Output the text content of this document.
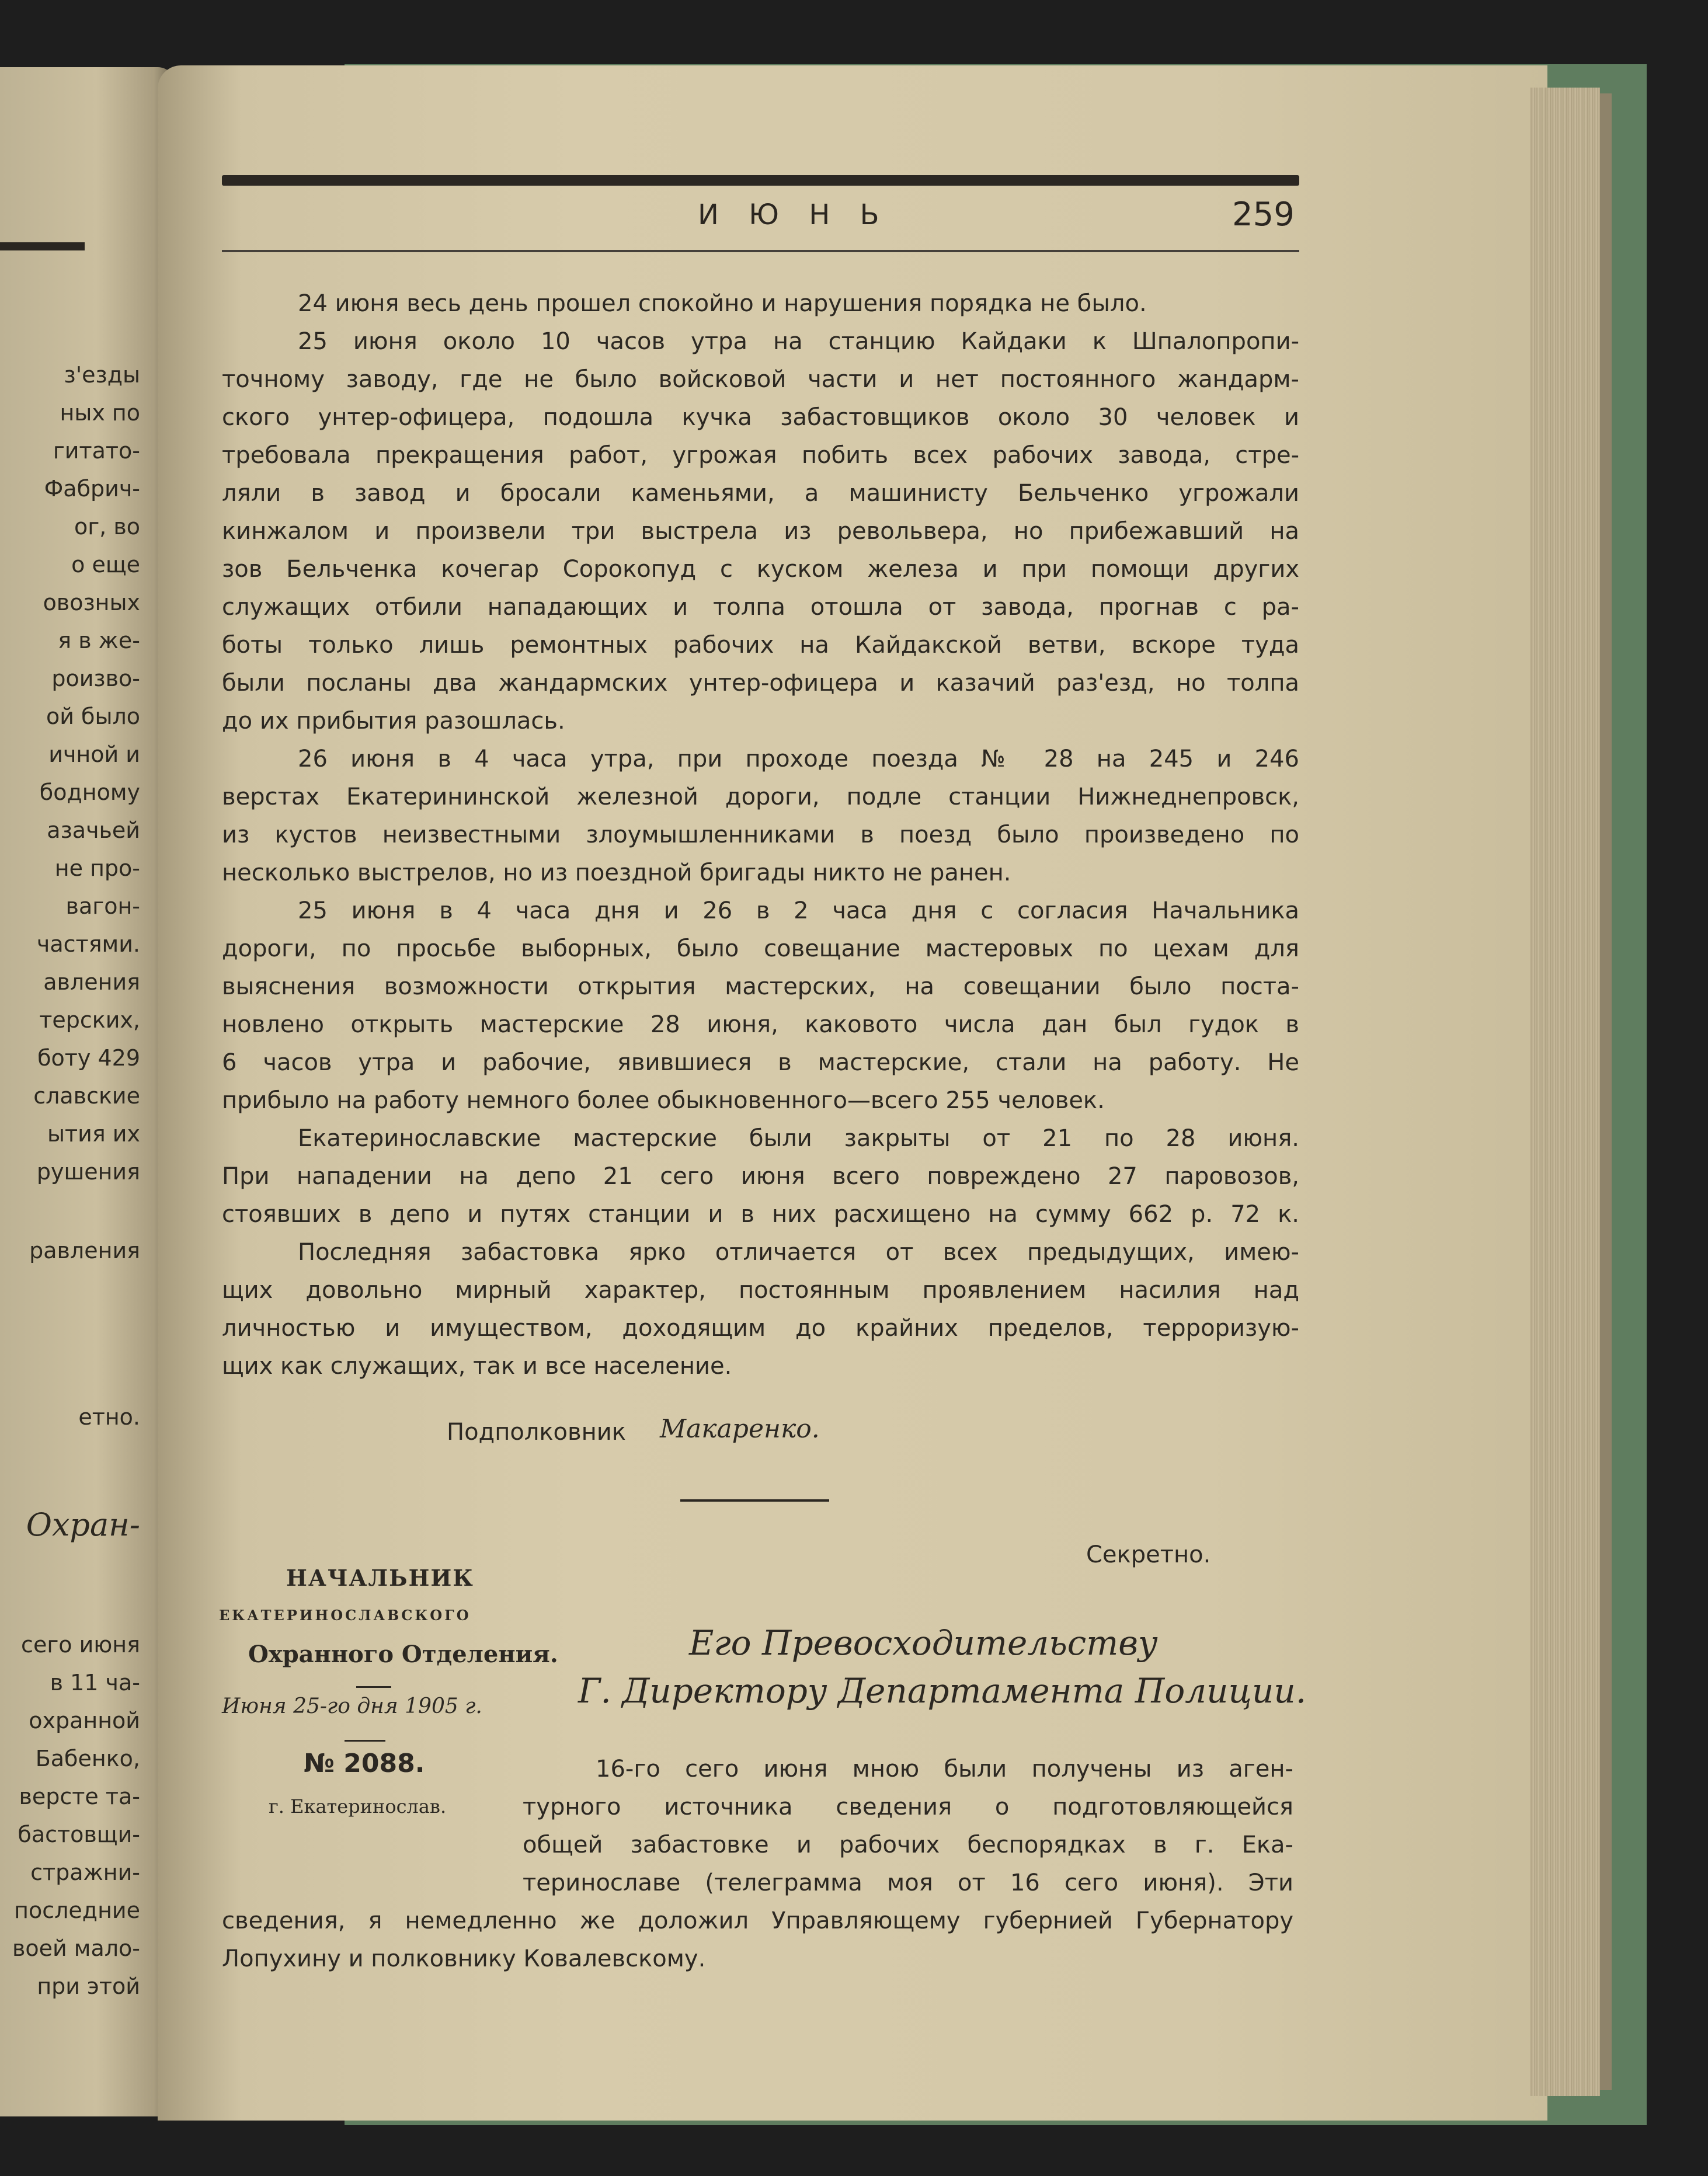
з'езды
ных по
гитато-
Фабрич-
ог, во
о еще
овозных
я в же-
роизво-
ой было
ичной и
бодному
азачьей
не про-
вагон-
частями.
авления
терских,
боту 429
славские
ытия их
рушения
равления
етно.
Охран-
сего июня
в 11 ча-
охранной
Бабенко,
версте та-
бастовщи-
стражни-
последние
воей мало-
при этой
И Ю Н Ь	259
24 июня весь день прошел спокойно и нарушения порядка не было.
25 июня около 10 часов утра на станцию Кайдаки к Шпалопропи-
точному заводу, где не было войсковой части и нет постоянного жандарм-
ского унтер-офицера, подошла кучка забастовщиков около 30 человек и
требовала прекращения работ, угрожая побить всех рабочих завода, стре-
ляли в завод и бросали каменьями, а машинисту Бельченко угрожали
кинжалом и произвели три выстрела из револьвера, но прибежавший на
зов Бельченка кочегар Сорокопуд с куском железа и при помощи других
служащих отбили нападающих и толпа отошла от завода, прогнав с ра-
боты только лишь ремонтных рабочих на Кайдакской ветви, вскоре туда
были посланы два жандармских унтер-офицера и казачий раз'езд, но толпа
до их прибытия разошлась.
26 июня в 4 часа утра, при проходе поезда № 28 на 245 и 246
верстах Екатерининской железной дороги, подле станции Нижнеднепровск,
из кустов неизвестными злоумышленниками в поезд было произведено по
несколько выстрелов, но из поездной бригады никто не ранен.
25 июня в 4 часа дня и 26 в 2 часа дня с согласия Начальника
дороги, по просьбе выборных, было совещание мастеровых по цехам для
выяснения возможности открытия мастерских, на совещании было поста-
новлено открыть мастерские 28 июня, каковото числа дан был гудок в
6 часов утра и рабочие, явившиеся в мастерские, стали на работу. Не
прибыло на работу немного более обыкновенного—всего 255 человек.
Екатеринославские мастерские были закрыты от 21 по 28 июня.
При нападении на депо 21 сего июня всего повреждено 27 паровозов,
стоявших в депо и путях станции и в них расхищено на сумму 662 р. 72 к.
Последняя забастовка ярко отличается от всех предыдущих, имею-
щих довольно мирный характер, постоянным проявлением насилия над
личностью и имуществом, доходящим до крайних пределов, терроризую-
щих как служащих, так и все население.
Подполковник Макаренко.
Секретно.
НАЧАЛЬНИК
ЕКАТЕРИНОСЛАВСКОГО
Охранного Отделения.
Июня 25-го дня 1905 г.
№ 2088.
г. Екатеринослав.
Его Превосходительству
Г. Директору Департамента Полиции.
16-го сего июня мною были получены из аген-
турного источника сведения о подготовляющейся
общей забастовке и рабочих беспорядках в г. Ека-
теринославе (телеграмма моя от 16 сего июня). Эти
сведения, я немедленно же доложил Управляющему губернией Губернатору
Лопухину и полковнику Ковалевскому.
